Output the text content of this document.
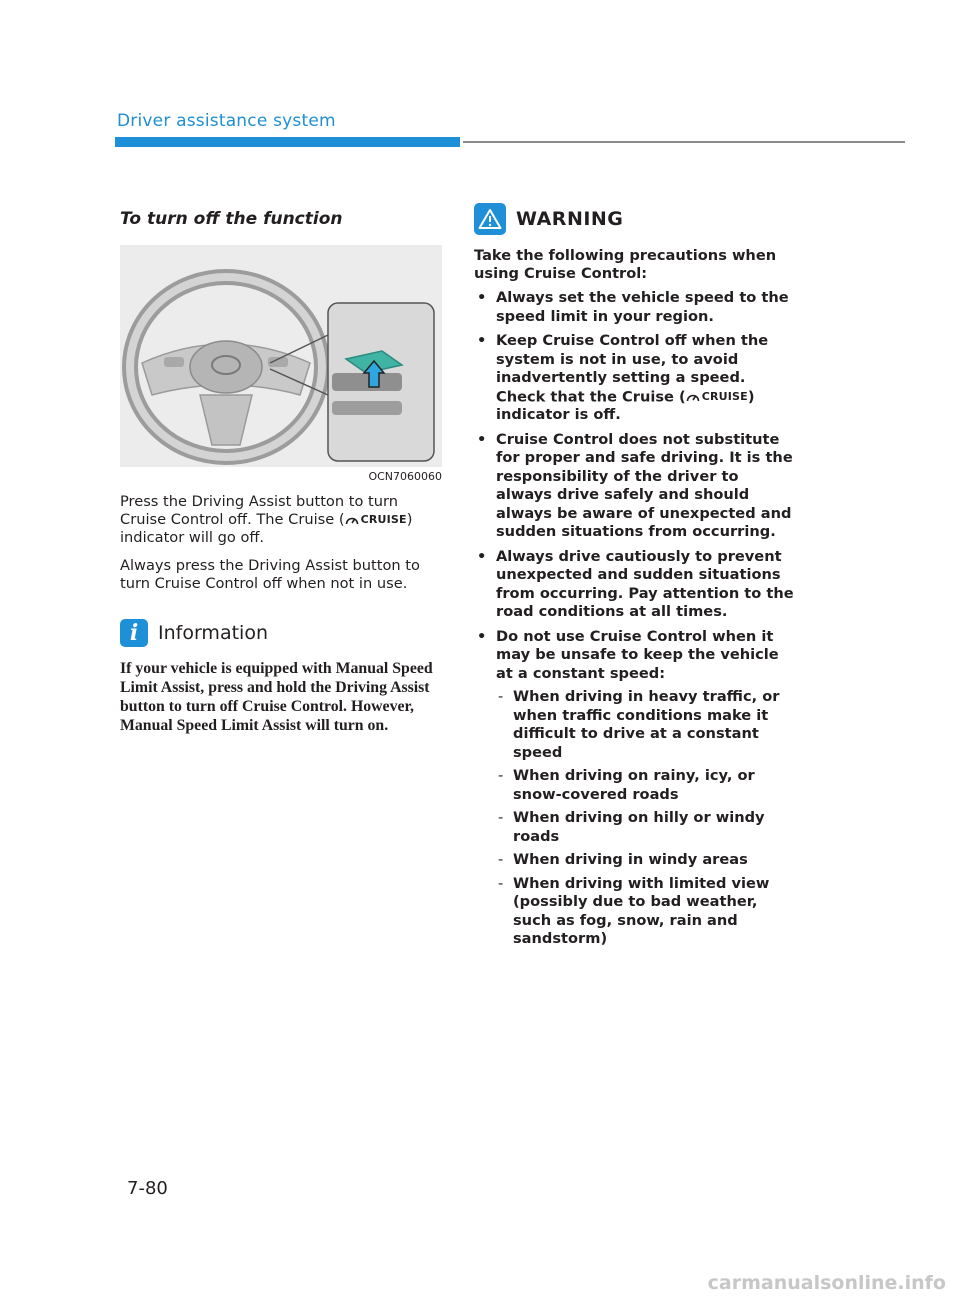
Driver assistance system
To turn off the function
OCN7060060

Press the Driving Assist button to turn Cruise Control off. The Cruise ( CRUISE ) indicator will go off.

Always press the Driving Assist button to turn Cruise Control off when not in use.

i	Information
If your vehicle is equipped with Manual Speed Limit Assist, press and hold the Driving Assist button to turn off Cruise Control. However, Manual Speed Limit Assist will turn on.
WARNING
Take the following precautions when using Cruise Control:
• Always set the vehicle speed to the speed limit in your region.
• Keep Cruise Control off when the system is not in use, to avoid inadvertently setting a speed. Check that the Cruise ( CRUISE ) indicator is off.
• Cruise Control does not substitute for proper and safe driving. It is the responsibility of the driver to always drive safely and should always be aware of unexpected and sudden situations from occurring.
• Always drive cautiously to prevent unexpected and sudden situations from occurring. Pay attention to the road conditions at all times.
• Do not use Cruise Control when it may be unsafe to keep the vehicle at a constant speed:
- When driving in heavy traffic, or when traffic conditions make it difficult to drive at a constant speed
- When driving on rainy, icy, or snow-covered roads
- When driving on hilly or windy roads
- When driving in windy areas
- When driving with limited view (possibly due to bad weather, such as fog, snow, rain and sandstorm)
7-80
carmanualsonline.info
